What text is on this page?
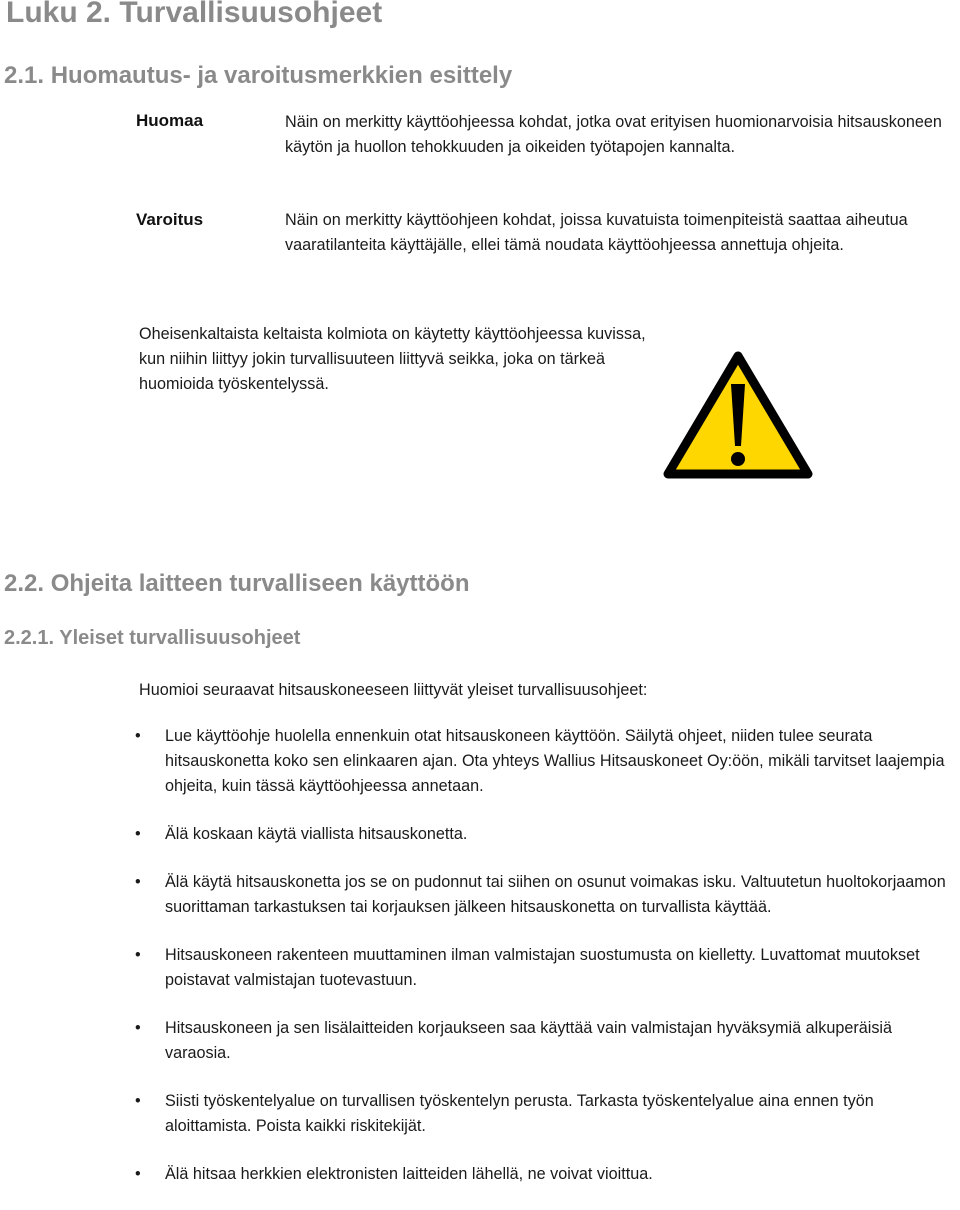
Luku 2. Turvallisuusohjeet
2.1. Huomautus- ja varoitusmerkkien esittely
Huomaa	Näin on merkitty käyttöohjeessa kohdat, jotka ovat erityisen huomionarvoisia hitsauskoneen käytön ja huollon tehokkuuden ja oikeiden työtapojen kannalta.
Varoitus	Näin on merkitty käyttöohjeen kohdat, joissa kuvatuista toimenpiteistä saattaa aiheutua vaaratilanteita käyttäjälle, ellei tämä noudata käyttöohjeessa annettuja ohjeita.
Oheisenkaltaista keltaista kolmiota on käytetty käyttöohjeessa kuvissa, kun niihin liittyy jokin turvallisuuteen liittyvä seikka, joka on tärkeä huomioida työskentelyssä.
2.2. Ohjeita laitteen turvalliseen käyttöön
2.2.1. Yleiset turvallisuusohjeet
Huomioi seuraavat hitsauskoneeseen liittyvät yleiset turvallisuusohjeet:
• Lue käyttöohje huolella ennenkuin otat hitsauskoneen käyttöön. Säilytä ohjeet, niiden tulee seurata hitsauskonetta koko sen elinkaaren ajan. Ota yhteys Wallius Hitsauskoneet Oy:öön, mikäli tarvitset laajempia ohjeita, kuin tässä käyttöohjeessa annetaan.
• Älä koskaan käytä viallista hitsauskonetta.
• Älä käytä hitsauskonetta jos se on pudonnut tai siihen on osunut voimakas isku. Valtuutetun huoltokorjaamon suorittaman tarkastuksen tai korjauksen jälkeen hitsauskonetta on turvallista käyttää.
• Hitsauskoneen rakenteen muuttaminen ilman valmistajan suostumusta on kielletty. Luvattomat muutokset poistavat valmistajan tuotevastuun.
• Hitsauskoneen ja sen lisälaitteiden korjaukseen saa käyttää vain valmistajan hyväksymiä alkuperäisiä varaosia.
• Siisti työskentelyalue on turvallisen työskentelyn perusta. Tarkasta työskentelyalue aina ennen työn aloittamista. Poista kaikki riskitekijät.
• Älä hitsaa herkkien elektronisten laitteiden lähellä, ne voivat vioittua.
